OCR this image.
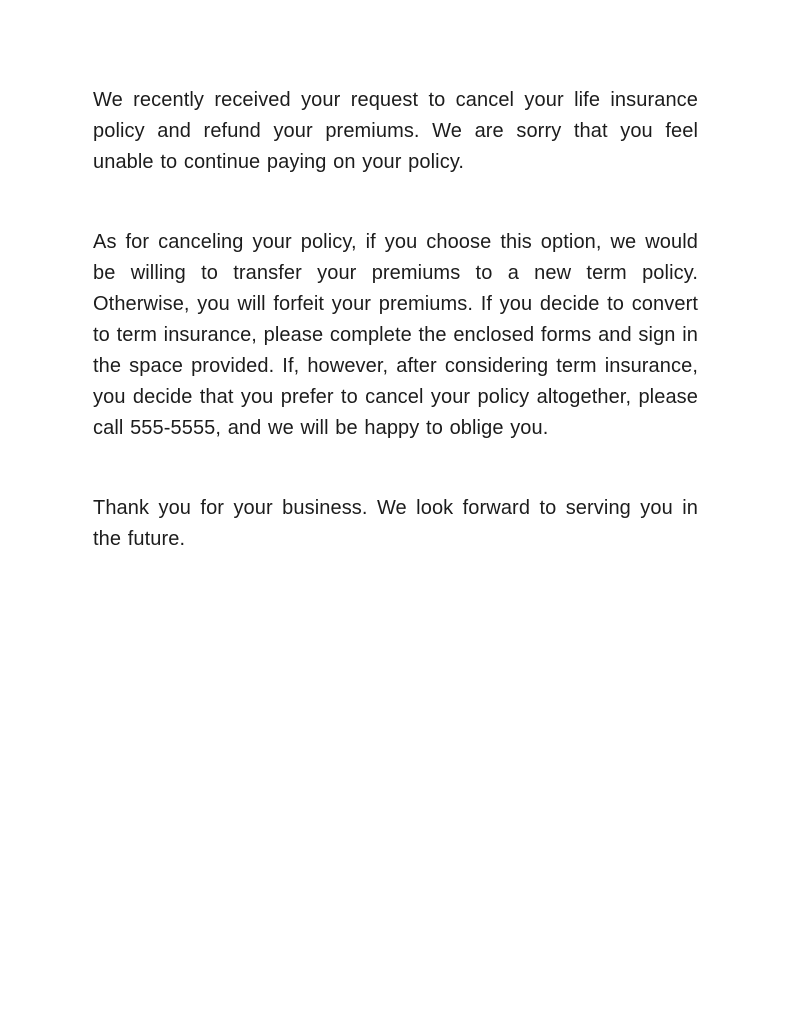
We recently received your request to cancel your life insurance policy and refund your premiums. We are sorry that you feel unable to continue paying on your policy.

As for canceling your policy, if you choose this option, we would be willing to transfer your premiums to a new term policy. Otherwise, you will forfeit your premiums. If you decide to convert to term insurance, please complete the enclosed forms and sign in the space provided. If, however, after considering term insurance, you decide that you prefer to cancel your policy altogether, please call 555-5555, and we will be happy to oblige you.

Thank you for your business. We look forward to serving you in the future.
